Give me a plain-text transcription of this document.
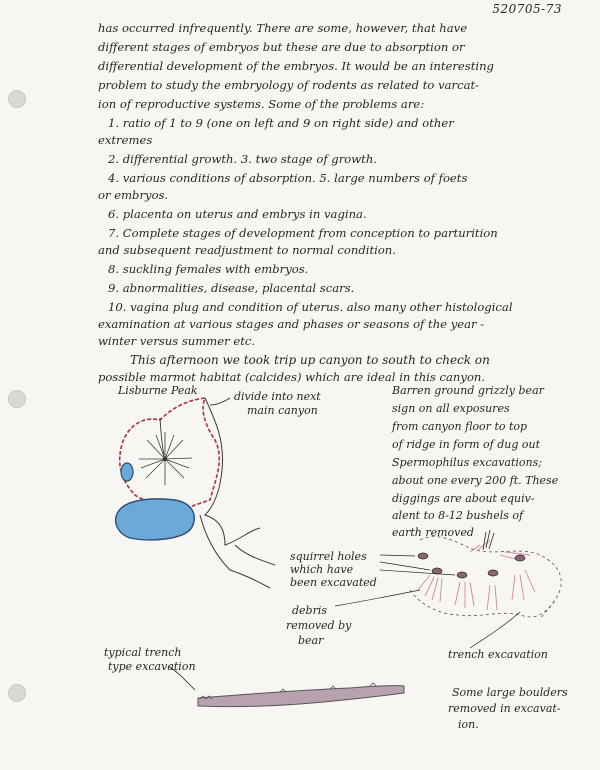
520705-73
has occurred infrequently. There are some, however, that have
different stages of embryos but these are due to absorption or
differential development of the embryos. It would be an interesting
problem to study the embryology of rodents as related to varcat-
ion of reproductive systems. Some of the problems are:
1. ratio of 1 to 9 (one on left and 9 on right side) and other
extremes
2. differential growth. 3. two stage of growth.
4. various conditions of absorption. 5. large numbers of foets
or embryos.
6. placenta on uterus and embrys in vagina.
7. Complete stages of development from conception to parturition
and subsequent readjustment to normal condition.
8. suckling females with embryos.
9. abnormalities, disease, placental scars.
10. vagina plug and condition of uterus. also many other histological
examination at various stages and phases or seasons of the year -
winter versus summer etc.
This afternoon we took trip up canyon to south to check on
possible marmot habitat (calcides) which are ideal in this canyon.
Lisburne Peak	divide into next
main canyon
Barren ground grizzly bear
sign on all exposures
from canyon floor to top
of ridge in form of dug out
Spermophilus excavations;
about one every 200 ft. These
diggings are about equiv-
alent to 8-12 bushels of
earth removed
squirrel holes
which have
been excavated
debris
removed by
bear
trench excavation
typical trench
type excavation
Some large boulders
removed in excavat-
ion.
